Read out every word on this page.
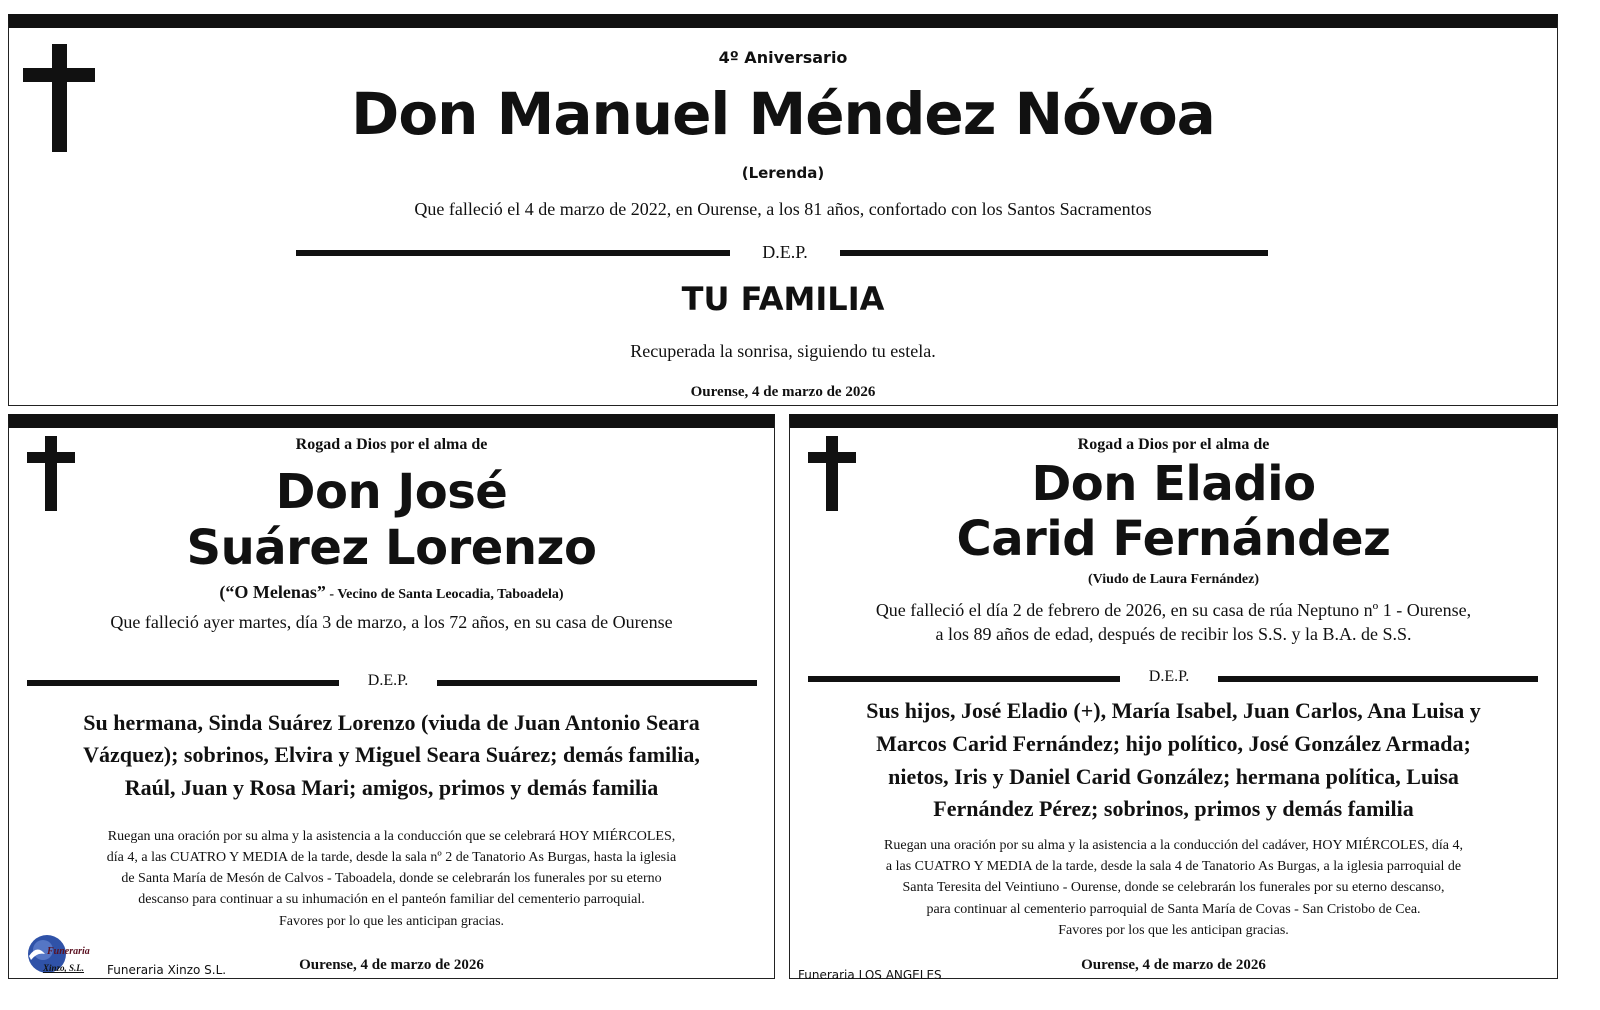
4º Aniversario
Don Manuel Méndez Nóvoa
(Lerenda)
Que falleció el 4 de marzo de 2022, en Ourense, a los 81 años, confortado con los Santos Sacramentos
D.E.P.
TU FAMILIA
Recuperada la sonrisa, siguiendo tu estela.
Ourense, 4 de marzo de 2026
Rogad a Dios por el alma de
Don José
Suárez Lorenzo
(“O Melenas” - Vecino de Santa Leocadia, Taboadela)
Que falleció ayer martes, día 3 de marzo, a los 72 años, en su casa de Ourense
D.E.P.
Su hermana, Sinda Suárez Lorenzo (viuda de Juan Antonio Seara
Vázquez); sobrinos, Elvira y Miguel Seara Suárez; demás familia,
Raúl, Juan y Rosa Mari; amigos, primos y demás familia
Ruegan una oración por su alma y la asistencia a la conducción que se celebrará HOY MIÉRCOLES,
día 4, a las CUATRO Y MEDIA de la tarde, desde la sala nº 2 de Tanatorio As Burgas, hasta la iglesia
de Santa María de Mesón de Calvos - Taboadela, donde se celebrarán los funerales por su eterno
descanso para continuar a su inhumación en el panteón familiar del cementerio parroquial.
Favores por lo que les anticipan gracias.
Ourense, 4 de marzo de 2026
Funeraria
Xinzo, S.L. Funeraria Xinzo S.L.
Rogad a Dios por el alma de
Don Eladio
Carid Fernández
(Viudo de Laura Fernández)
Que falleció el día 2 de febrero de 2026, en su casa de rúa Neptuno nº 1 - Ourense,
a los 89 años de edad, después de recibir los S.S. y la B.A. de S.S.
D.E.P.
Sus hijos, José Eladio (+), María Isabel, Juan Carlos, Ana Luisa y
Marcos Carid Fernández; hijo político, José González Armada;
nietos, Iris y Daniel Carid González; hermana política, Luisa
Fernández Pérez; sobrinos, primos y demás familia
Ruegan una oración por su alma y la asistencia a la conducción del cadáver, HOY MIÉRCOLES, día 4,
a las CUATRO Y MEDIA de la tarde, desde la sala 4 de Tanatorio As Burgas, a la iglesia parroquial de
Santa Teresita del Veintiuno - Ourense, donde se celebrarán los funerales por su eterno descanso,
para continuar al cementerio parroquial de Santa María de Covas - San Cristobo de Cea.
Favores por los que les anticipan gracias.
Ourense, 4 de marzo de 2026
Funeraria LOS ANGELES
